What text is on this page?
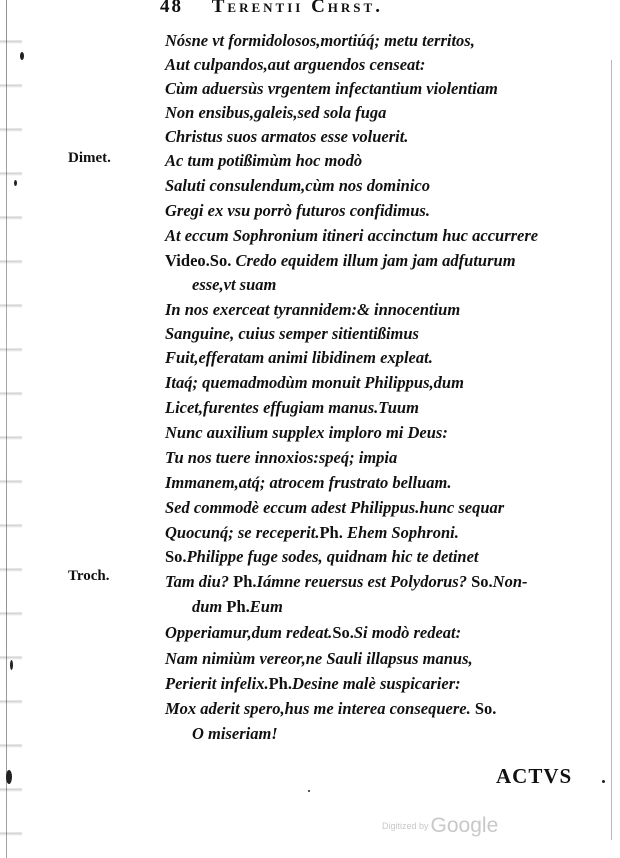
48 Terentii Chrst.
Dimet.
Troch.
Nósne vt formidolosos,mortiúq́; metu territos,
Aut culpandos,aut arguendos censeat:
Cùm aduersùs vrgentem infectantium violentiam
Non ensibus,galeis,sed sola fuga
Christus suos armatos esse voluerit.
Ac tum potißimùm hoc modò
Saluti consulendum,cùm nos dominico
Gregi ex vsu porrò futuros confidimus.
At eccum Sophronium itineri accinctum huc accurrere
Video.So. Credo equidem illum jam jam adfuturum
esse,vt suam
In nos exerceat tyrannidem:& innocentium
Sanguine, cuius semper sitientißimus
Fuit,efferatam animi libidinem expleat.
Itaq́; quemadmodùm monuit Philippus,dum
Licet,furentes effugiam manus.Tuum
Nunc auxilium supplex imploro mi Deus:
Tu nos tuere innoxios:speq́; impia
Immanem,atq́; atrocem frustrato belluam.
Sed commodè eccum adest Philippus.hunc sequar
Quocunq́; se receperit.Ph. Ehem Sophroni.
So.Philippe fuge sodes, quidnam hic te detinet
Tam diu? Ph.Iámne reuersus est Polydorus? So.Non-
dum Ph.Eum
Opperiamur,dum redeat.So.Si modò redeat:
Nam nimiùm vereor,ne Sauli illapsus manus,
Perierit infelix.Ph.Desine malè suspicarier:
Mox aderit spero,hus me interea consequere. So.
O miseriam!
ACTVS
Digitized byGoogle
